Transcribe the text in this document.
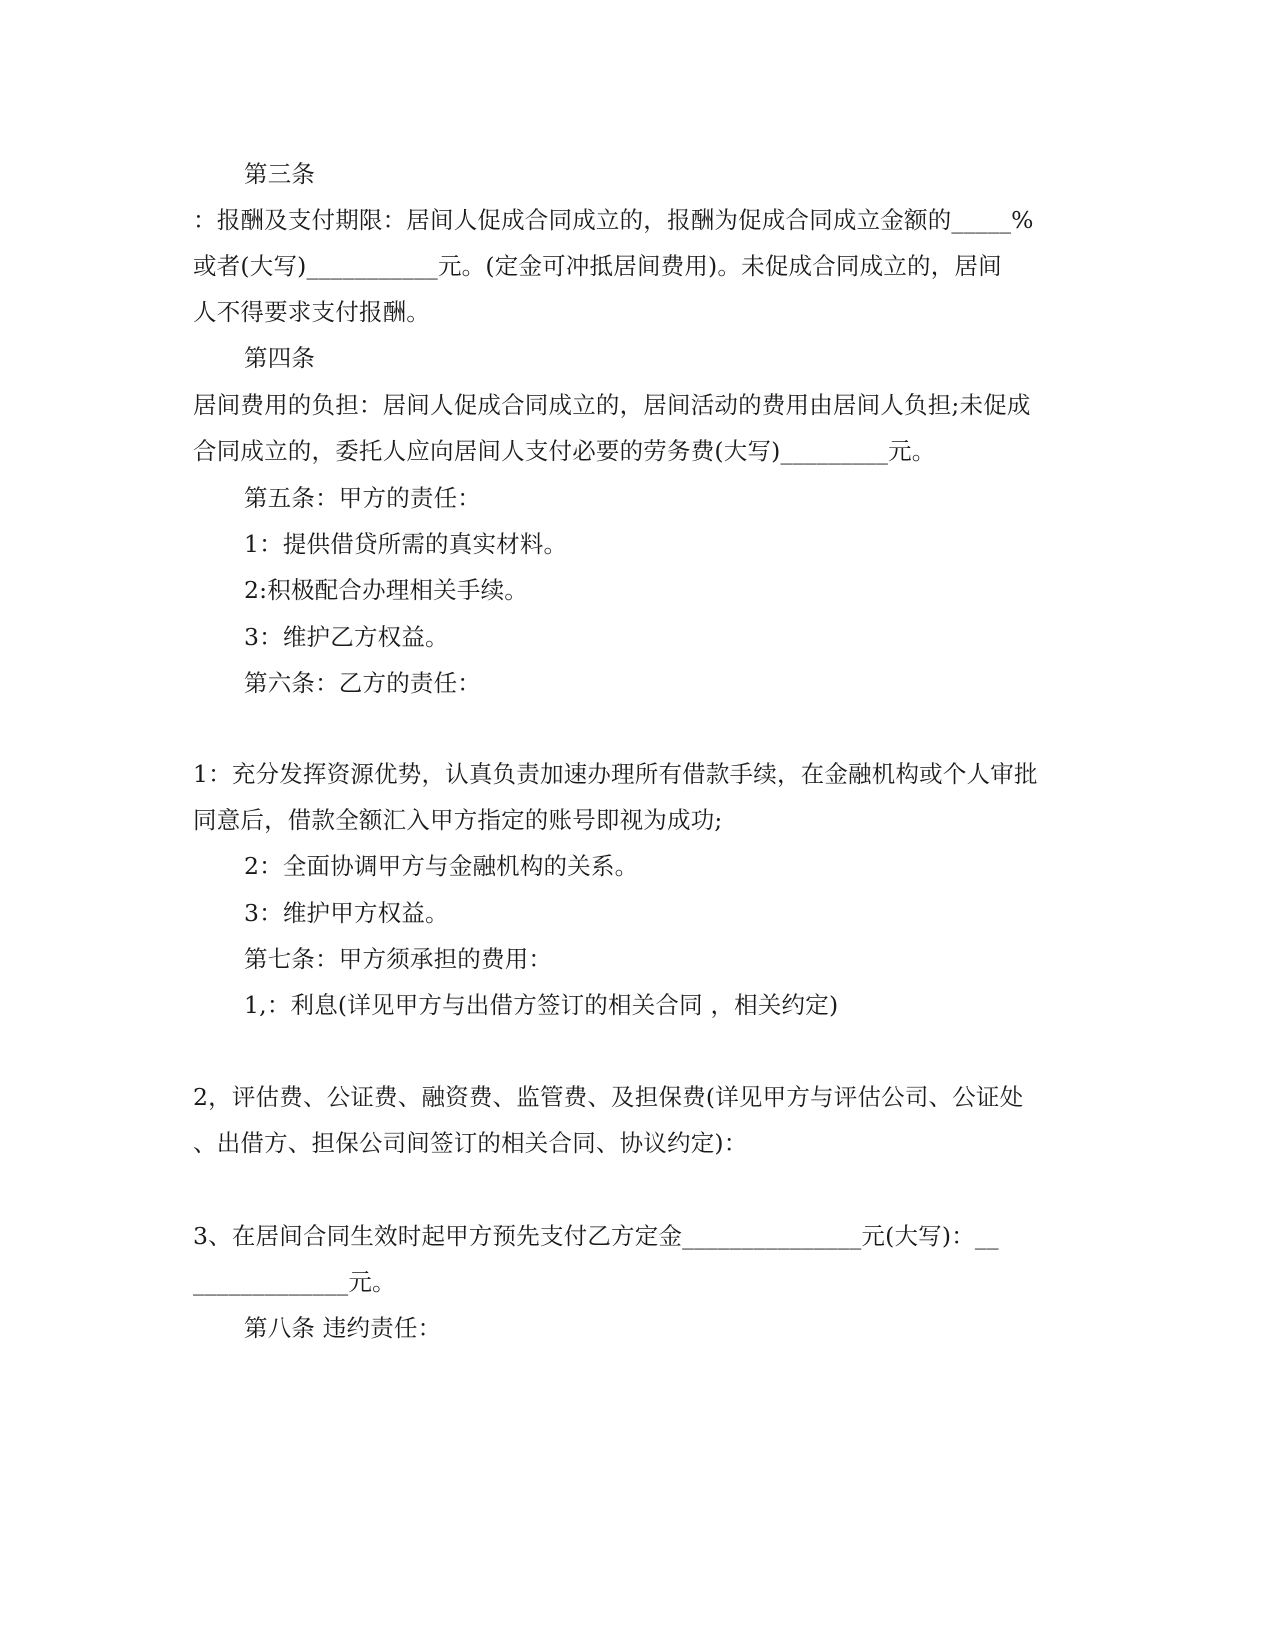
第三条
：报酬及支付期限：居间人促成合同成立的，报酬为促成合同成立金额的_____%
或者(大写)___________元。(定金可冲抵居间费用)。未促成合同成立的，居间
人不得要求支付报酬。
第四条
居间费用的负担：居间人促成合同成立的，居间活动的费用由居间人负担;未促成
合同成立的，委托人应向居间人支付必要的劳务费(大写)_________元。
第五条：甲方的责任：
1：提供借贷所需的真实材料。
2:积极配合办理相关手续。
3：维护乙方权益。
第六条：乙方的责任：
1：充分发挥资源优势，认真负责加速办理所有借款手续，在金融机构或个人审批
同意后，借款全额汇入甲方指定的账号即视为成功;
2：全面协调甲方与金融机构的关系。
3：维护甲方权益。
第七条：甲方须承担的费用：
1,：利息(详见甲方与出借方签订的相关合同 ，相关约定)
2，评估费、公证费、融资费、监管费、及担保费(详见甲方与评估公司、公证处
、出借方、担保公司间签订的相关合同、协议约定)：
3、在居间合同生效时起甲方预先支付乙方定金_______________元(大写)：__
_____________元。
第八条 违约责任：
